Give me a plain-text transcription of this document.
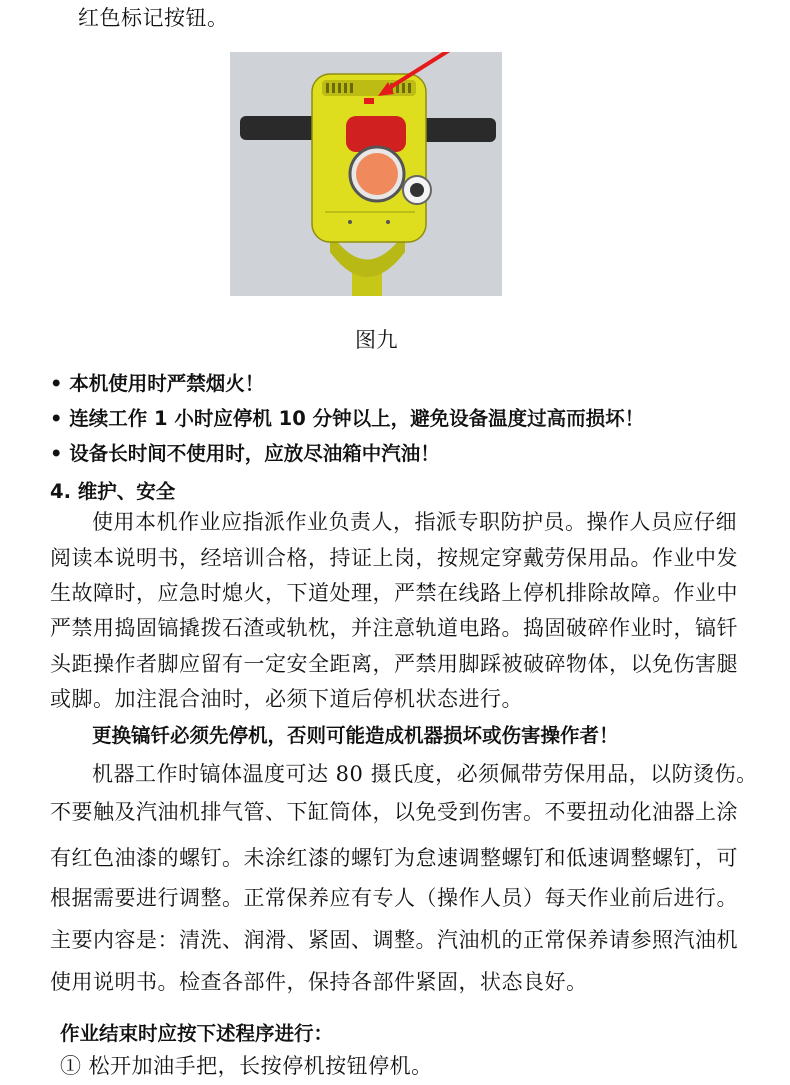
红色标记按钮。
图九
• 本机使用时严禁烟火！
• 连续工作 1 小时应停机 10 分钟以上，避免设备温度过高而损坏！
• 设备长时间不使用时，应放尽油箱中汽油！
4. 维护、安全
使用本机作业应指派作业负责人，指派专职防护员。操作人员应仔细
阅读本说明书，经培训合格，持证上岗，按规定穿戴劳保用品。作业中发
生故障时，应急时熄火，下道处理，严禁在线路上停机排除故障。作业中
严禁用捣固镐撬拨石渣或轨枕，并注意轨道电路。捣固破碎作业时，镐钎
头距操作者脚应留有一定安全距离，严禁用脚踩被破碎物体，以免伤害腿
或脚。加注混合油时，必须下道后停机状态进行。
更换镐钎必须先停机，否则可能造成机器损坏或伤害操作者！
机器工作时镐体温度可达 80 摄氏度，必须佩带劳保用品，以防烫伤。
不要触及汽油机排气管、下缸筒体，以免受到伤害。不要扭动化油器上涂
有红色油漆的螺钉。未涂红漆的螺钉为怠速调整螺钉和低速调整螺钉，可
根据需要进行调整。正常保养应有专人（操作人员）每天作业前后进行。
主要内容是：清洗、润滑、紧固、调整。汽油机的正常保养请参照汽油机
使用说明书。检查各部件，保持各部件紧固，状态良好。
作业结束时应按下述程序进行：
① 松开加油手把，长按停机按钮停机。
